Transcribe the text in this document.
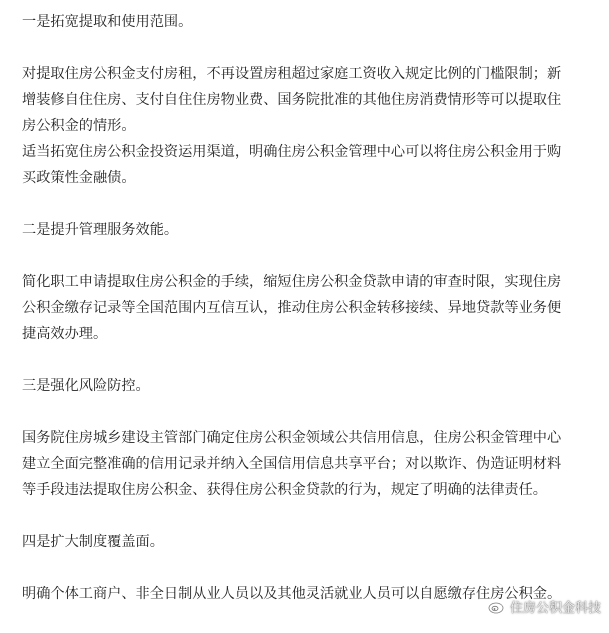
一是拓宽提取和使用范围。

对提取住房公积金支付房租，不再设置房租超过家庭工资收入规定比例的门槛限制；新

增装修自住住房、支付自住住房物业费、国务院批准的其他住房消费情形等可以提取住

房公积金的情形。

适当拓宽住房公积金投资运用渠道，明确住房公积金管理中心可以将住房公积金用于购

买政策性金融债。

二是提升管理服务效能。

简化职工申请提取住房公积金的手续，缩短住房公积金贷款申请的审查时限，实现住房

公积金缴存记录等全国范围内互信互认，推动住房公积金转移接续、异地贷款等业务便

捷高效办理。

三是强化风险防控。

国务院住房城乡建设主管部门确定住房公积金领域公共信用信息，住房公积金管理中心

建立全面完整准确的信用记录并纳入全国信用信息共享平台；对以欺诈、伪造证明材料

等手段违法提取住房公积金、获得住房公积金贷款的行为，规定了明确的法律责任。

四是扩大制度覆盖面。

明确个体工商户、非全日制从业人员以及其他灵活就业人员可以自愿缴存住房公积金。

住房公积金科技
